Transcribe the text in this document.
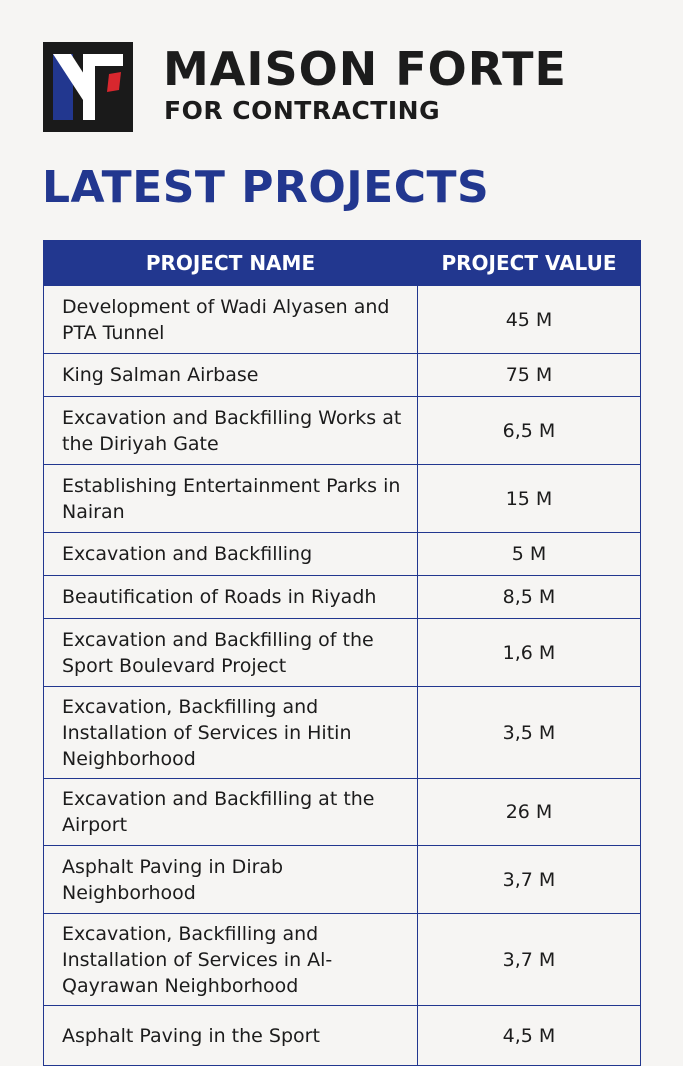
MAISON FORTE
FOR CONTRACTING
LATEST PROJECTS
PROJECT NAME	PROJECT VALUE
Development of Wadi Alyasen and PTA Tunnel	45 M
King Salman Airbase	75 M
Excavation and Backfilling Works at the Diriyah Gate	6,5 M
Establishing Entertainment Parks in Nairan	15 M
Excavation and Backfilling	5 M
Beautification of Roads in Riyadh	8,5 M
Excavation and Backfilling of the Sport Boulevard Project	1,6 M
Excavation, Backfilling and Installation of Services in Hitin Neighborhood	3,5 M
Excavation and Backfilling at the Airport	26 M
Asphalt Paving in Dirab Neighborhood	3,7 M
Excavation, Backfilling and Installation of Services in Al-Qayrawan Neighborhood	3,7 M
Asphalt Paving in the Sport	4,5 M
